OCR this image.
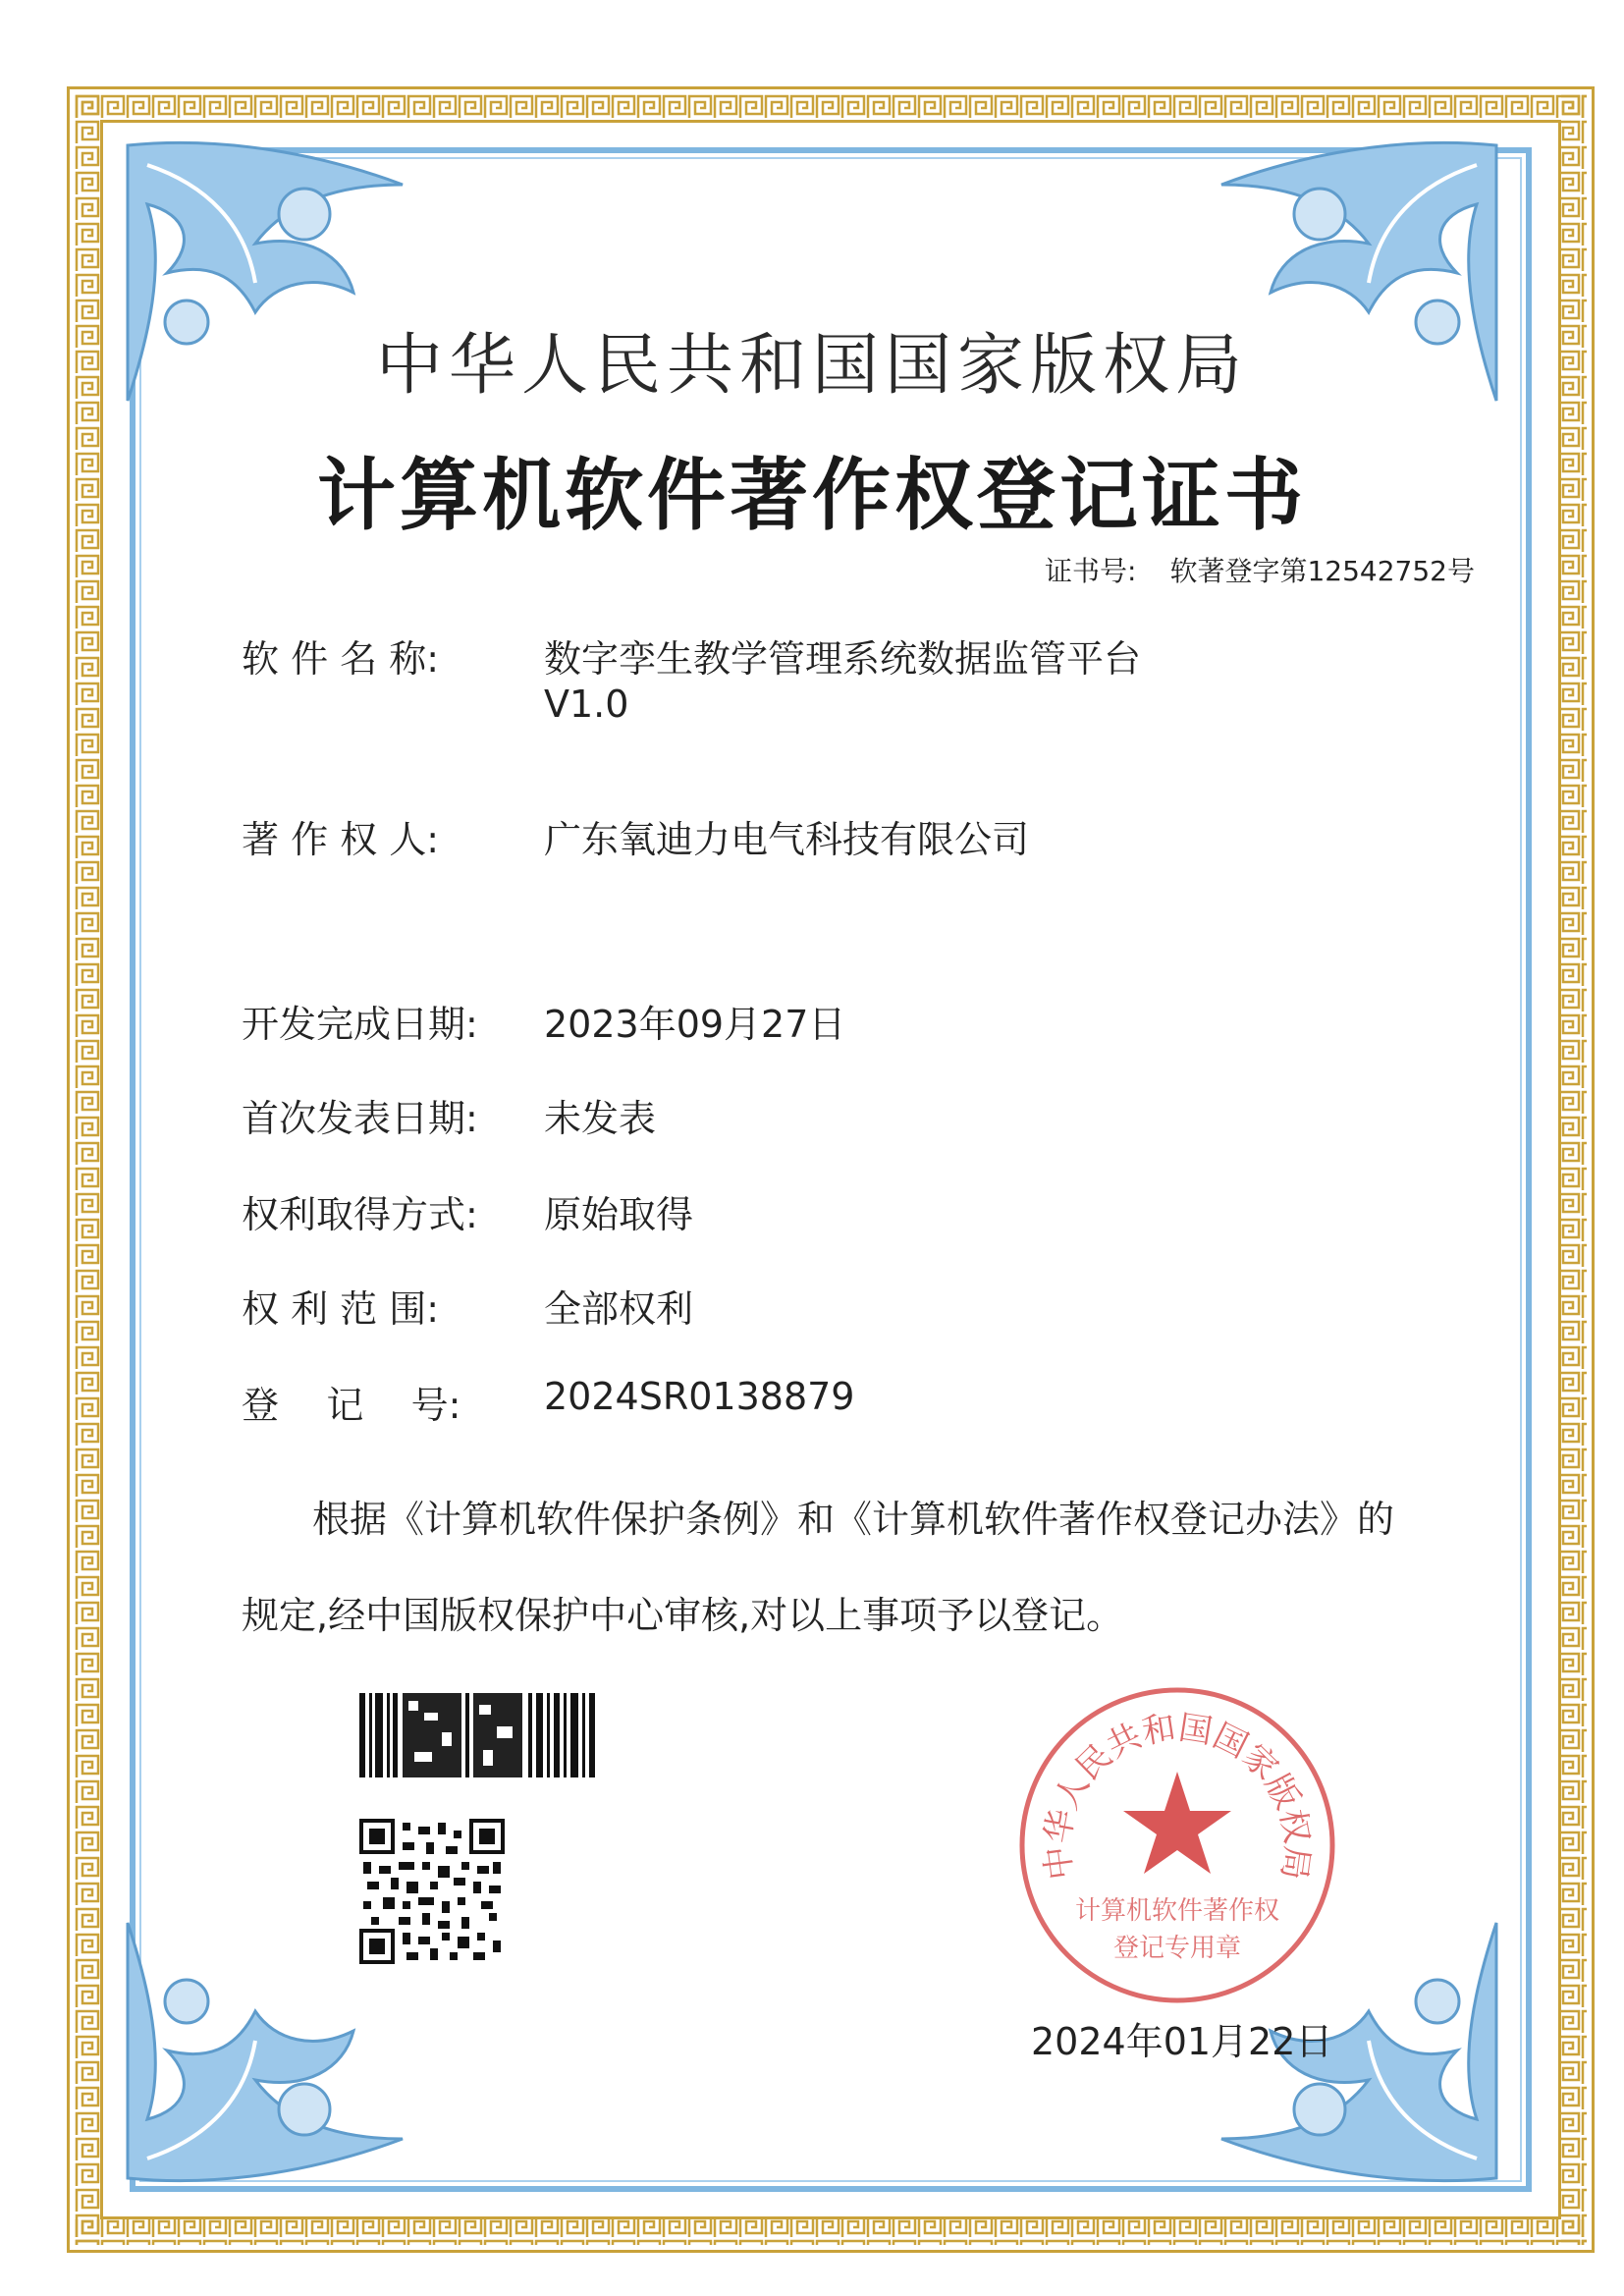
中华人民共和国国家版权局
计算机软件著作权登记证书
证书号: 软著登字第12542752号
软 件 名 称:	数字孪生教学管理系统数据监管平台
V1.0
著 作 权 人:	广东氧迪力电气科技有限公司
开发完成日期: 2023年09月27日
首次发表日期: 未发表
权利取得方式: 原始取得
权 利 范 围:	全部权利
登    记    号: 2024SR0138879
根据《计算机软件保护条例》和《计算机软件著作权登记办法》的
规定,经中国版权保护中心审核,对以上事项予以登记。
中华人民共和国国家版权局
计算机软件著作权
登记专用章
2024年01月22日
